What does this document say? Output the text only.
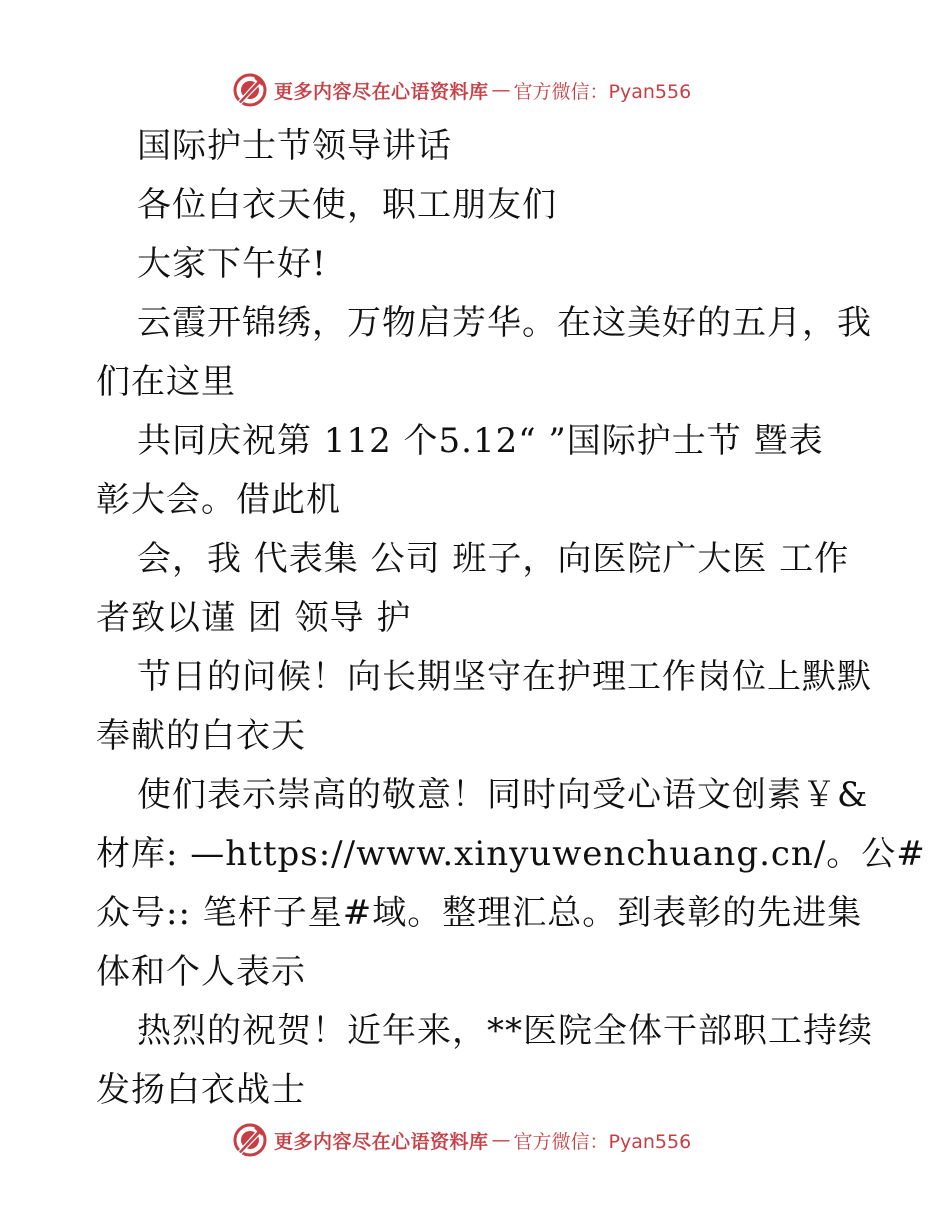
更多内容尽在心语资料库 — 官方微信：Pyan556
国际护士节领导讲话
各位白衣天使，职工朋友们
大家下午好!
云霞开锦绣，万物启芳华。在这美好的五月，我
们在这里
共同庆祝第 112 个5.12“ ”国际护士节 暨表
彰大会。借此机
会，我 代表集 公司 班子，向医院广大医 工作
者致以谨 团 领导 护
节日的问候！向长期坚守在护理工作岗位上默默
奉献的白衣天
使们表示崇高的敬意！同时向受心语文创素￥&
材库: —https://www.xinyuwenchuang.cn/。公#
众号:: 笔杆子星#域。整理汇总。到表彰的先进集
体和个人表示
热烈的祝贺！近年来，**医院全体干部职工持续
发扬白衣战士
更多内容尽在心语资料库 — 官方微信：Pyan556
